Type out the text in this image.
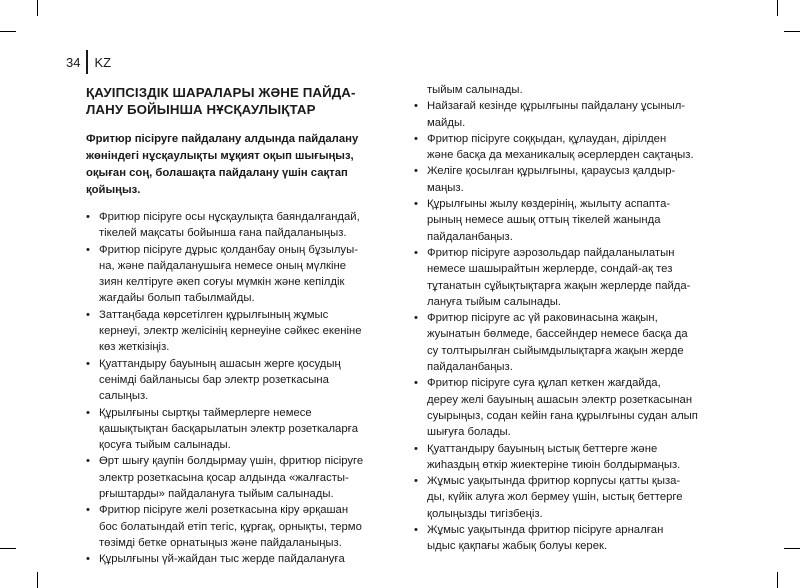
34 KZ
ҚАУІПСІЗДІК ШАРАЛАРЫ ЖӘНЕ ПАЙДА-
ЛАНУ БОЙЫНША НҰСҚАУЛЫҚТАР

Фритюр пісіруге пайдалану алдында пайдалану
жөніндегі нұсқаулықты мұқият оқып шығыңыз,
оқыған соң, болашақта пайдалану үшін сақтап
қойыңыз.

• Фритюр пісіруге осы нұсқаулықта баяндалғандай,
тікелей мақсаты бойынша ғана пайдаланыңыз.
• Фритюр пісіруге дұрыс қолданбау оның бұзылуы-
на, және пайдаланушыға немесе оның мүлкіне
зиян келтіруге әкеп соғуы мүмкін және кепілдік
жағдайы болып табылмайды.
• Заттаңбада көрсетілген құрылғының жұмыс
кернеуі, электр желісінің кернеуіне сәйкес екеніне
көз жеткізіңіз.
• Қуаттандыру бауының ашасын жерге қосудың
сенімді байланысы бар электр розеткасына
салыңыз.
• Құрылғыны сыртқы таймерлерге немесе
қашықтықтан басқарылатын электр розеткаларға
қосуға тыйым салынады.
• Өрт шығу қаупін болдырмау үшін, фритюр пісіруге
электр розеткасына қосар алдында «жалғасты-
рғыштарды» пайдалануға тыйым салынады.
• Фритюр пісіруге желі розеткасына кіру әрқашан
бос болатындай етіп тегіс, құрғақ, орнықты, термо
төзімді бетке орнатыңыз және пайдаланыңыз.
• Құрылғыны үй-жайдан тыс жерде пайдалануға
тыйым салынады.
• Найзағай кезінде құрылғыны пайдалану ұсыныл-
майды.
• Фритюр пісіруге соққыдан, құлаудан, дірілден
және басқа да механикалық әсерлерден сақтаңыз.
• Желіге қосылған құрылғыны, қараусыз қалдыр-
маңыз.
• Құрылғыны жылу көздерінің, жылыту аспапта-
рының немесе ашық оттың тікелей жанында
пайдаланбаңыз.
• Фритюр пісіруге аэрозольдар пайдаланылатын
немесе шашырайтын жерлерде, сондай-ақ тез
тұтанатын сұйықтықтарға жақын жерлерде пайда-
лануға тыйым салынады.
• Фритюр пісіруге ас үй раковинасына жақын,
жуынатын бөлмеде, бассейндер немесе басқа да
су толтырылған сыйымдылықтарға жақын жерде
пайдаланбаңыз.
• Фритюр пісіруге суға құлап кеткен жағдайда,
дереу желі бауының ашасын электр розеткасынан
суырыңыз, содан кейін ғана құрылғыны судан алып
шығуға болады.
• Қуаттандыру бауының ыстық беттерге және
жиһаздың өткір жиектеріне тиюін болдырмаңыз.
• Жұмыс уақытында фритюр корпусы қатты қыза-
ды, күйік алуға жол бермеу үшін, ыстық беттерге
қолыңызды тигізбеңіз.
• Жұмыс уақытында фритюр пісіруге арналған
ыдыс қақпағы жабық болуы керек.
